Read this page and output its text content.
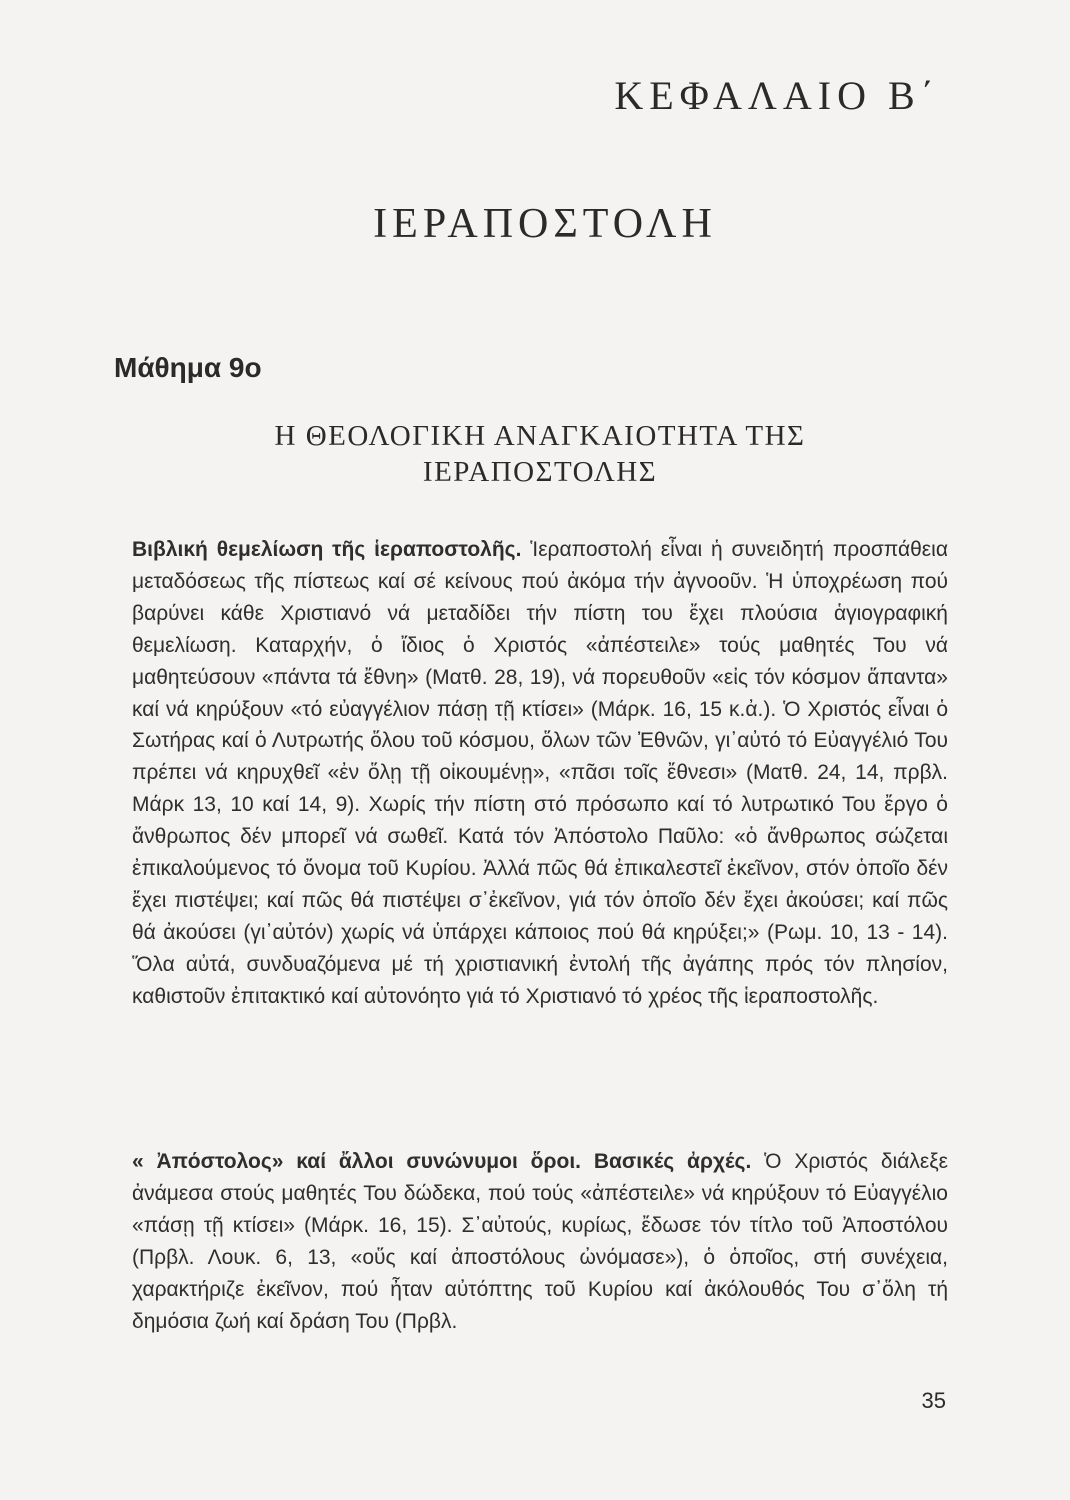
ΚΕΦΑΛΑΙΟ Β΄
ΙΕΡΑΠΟΣΤΟΛΗ
Μάθημα 9ο
Η ΘΕΟΛΟΓΙΚΗ ΑΝΑΓΚΑΙΟΤΗΤΑ ΤΗΣ
ΙΕΡΑΠΟΣΤΟΛΗΣ

Βιβλική θεμελίωση τῆς ἱεραποστολῆς. Ἱεραποστολή εἶναι ἡ συνειδητή προσπάθεια μεταδόσεως τῆς πίστεως καί σέ κείνους πού ἀκόμα τήν ἀγνοοῦν. Ἡ ὑποχρέωση πού βαρύνει κάθε Χριστιανό νά μεταδίδει τήν πίστη του ἔχει πλούσια ἁγιογραφική θεμελίωση. Καταρχήν, ὁ ἴδιος ὁ Χριστός «ἀπέστειλε» τούς μαθητές Του νά μαθητεύσουν «πάντα τά ἔθνη» (Ματθ. 28, 19), νά πορευθοῦν «εἰς τόν κόσμον ἅπαντα» καί νά κηρύξουν «τό εὐαγγέλιον πάσῃ τῇ κτίσει» (Μάρκ. 16, 15 κ.ἀ.). Ὁ Χριστός εἶναι ὁ Σωτήρας καί ὁ Λυτρωτής ὅλου τοῦ κόσμου, ὅλων τῶν Ἐθνῶν, γι᾿αὐτό τό Εὐαγγέλιό Του πρέπει νά κηρυχθεῖ «ἐν ὅλῃ τῇ οἰκουμένῃ», «πᾶσι τοῖς ἔθνεσι» (Ματθ. 24, 14, πρβλ. Μάρκ 13, 10 καί 14, 9). Χωρίς τήν πίστη στό πρόσωπο καί τό λυτρωτικό Του ἔργο ὁ ἄνθρωπος δέν μπορεῖ νά σωθεῖ. Κατά τόν Ἀπόστολο Παῦλο: «ὁ ἄνθρωπος σώζεται ἐπικαλούμενος τό ὄνομα τοῦ Κυρίου. Ἀλλά πῶς θά ἐπικαλεστεῖ ἐκεῖνον, στόν ὁποῖο δέν ἔχει πιστέψει; καί πῶς θά πιστέψει σ᾿ἐκεῖνον, γιά τόν ὁποῖο δέν ἔχει ἀκούσει; καί πῶς θά ἀκούσει (γι᾿αὐτόν) χωρίς νά ὑπάρχει κάποιος πού θά κηρύξει;» (Ρωμ. 10, 13 - 14). Ὅλα αὐτά, συνδυαζόμενα μέ τή χριστιανική ἐντολή τῆς ἀγάπης πρός τόν πλησίον, καθιστοῦν ἐπιτακτικό καί αὐτονόητο γιά τό Χριστιανό τό χρέος τῆς ἱεραποστολῆς.

« Ἀπόστολος» καί ἄλλοι συνώνυμοι ὅροι. Βασικές ἀρχές. Ὁ Χριστός διάλεξε ἀνάμεσα στούς μαθητές Του δώδεκα, πού τούς «ἀπέστειλε» νά κηρύξουν τό Εὐαγγέλιο «πάσῃ τῇ κτίσει» (Μάρκ. 16, 15). Σ᾿αὐτούς, κυρίως, ἔδωσε τόν τίτλο τοῦ Ἀποστόλου (Πρβλ. Λουκ. 6, 13, «οὕς καί ἀποστόλους ὠνόμασε»), ὁ ὁποῖος, στή συνέχεια, χαρακτήριζε ἐκεῖνον, πού ἦταν αὐτόπτης τοῦ Κυρίου καί ἀκόλουθός Του σ᾿ὅλη τή δημόσια ζωή καί δράση Του (Πρβλ.

35
